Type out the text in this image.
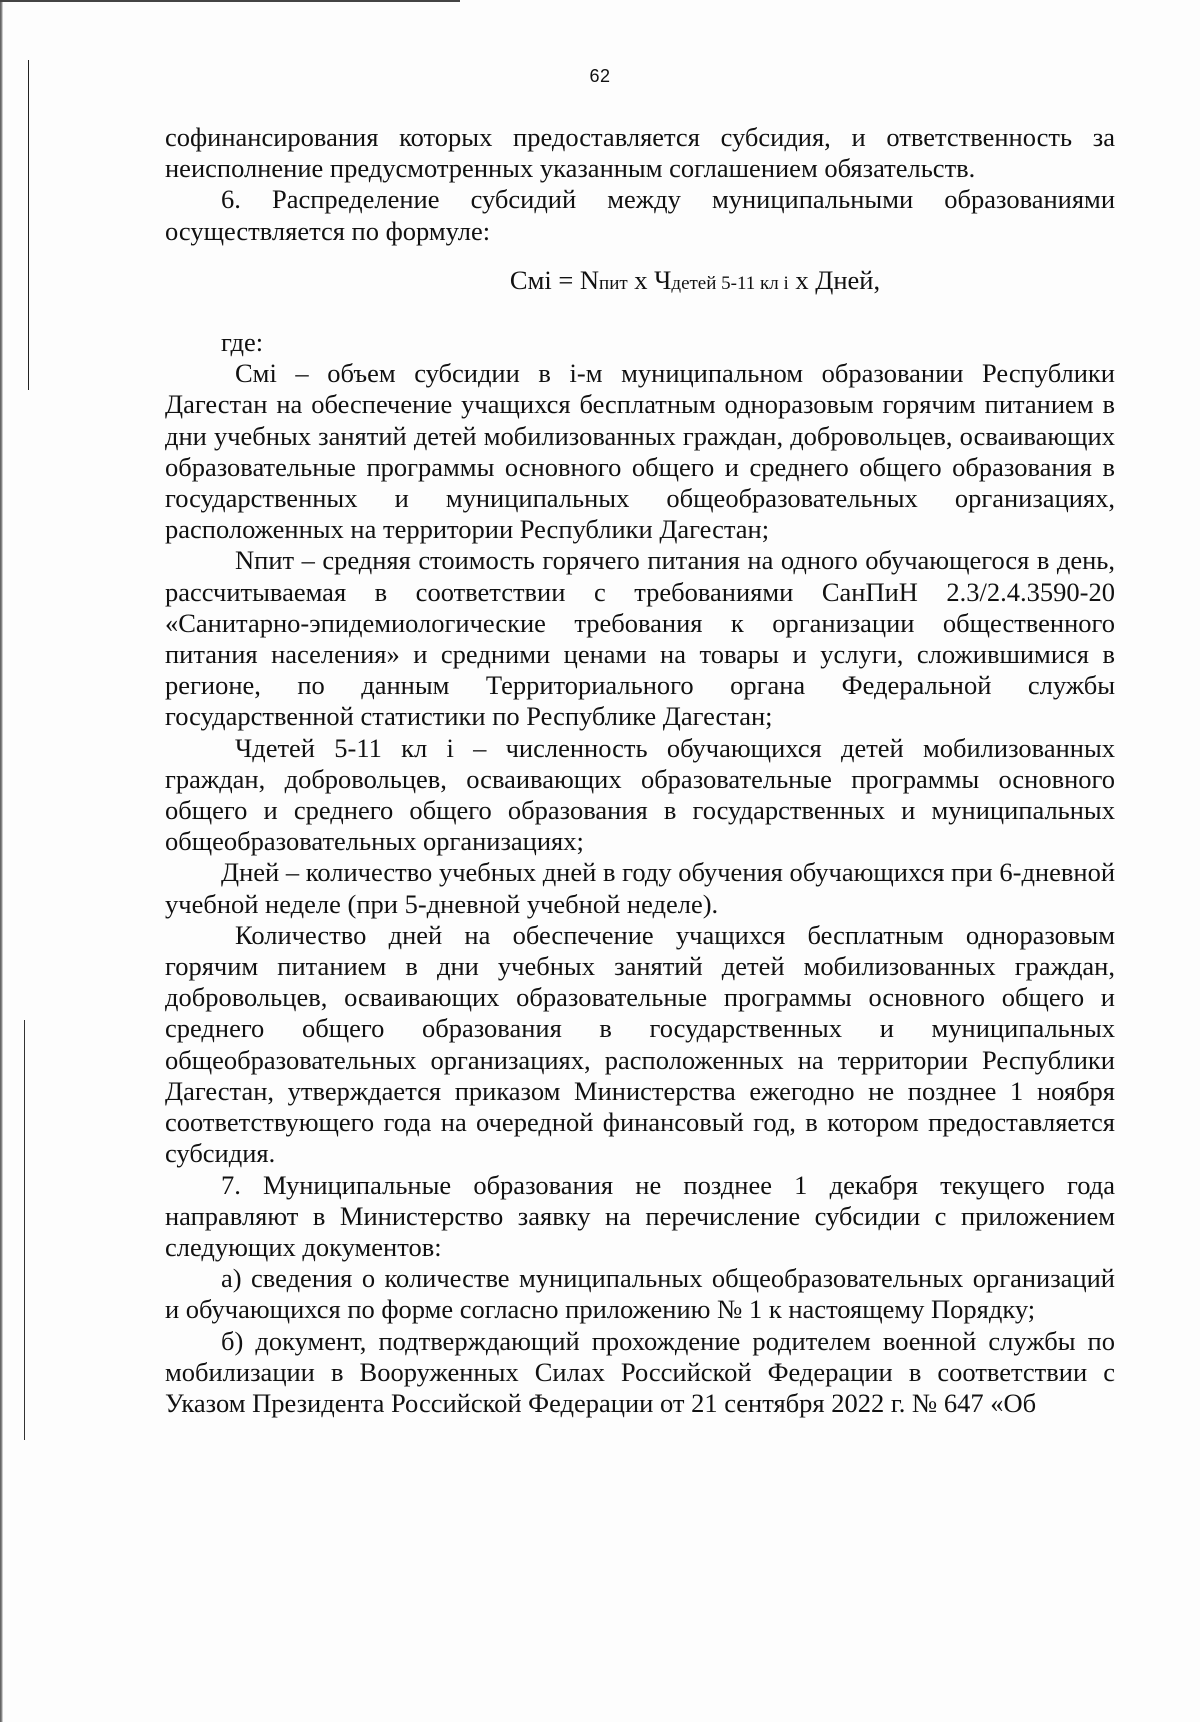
62

софинансирования которых предоставляется субсидия, и ответственность за неисполнение предусмотренных указанным соглашением обязательств.

6. Распределение субсидий между муниципальными образованиями осуществляется по формуле:

Cмi = Nпит х Чдетей 5-11 кл i х Дней,

где:

Cмi – объем субсидии в i-м муниципальном образовании Республики Дагестан на обеспечение учащихся бесплатным одноразовым горячим питанием в дни учебных занятий детей мобилизованных граждан, добровольцев, осваивающих образовательные программы основного общего и среднего общего образования в государственных и муниципальных общеобразовательных организациях, расположенных на территории Республики Дагестан;

Nпит – средняя стоимость горячего питания на одного обучающегося в день, рассчитываемая в соответствии с требованиями СанПиН 2.3/2.4.3590-20 «Санитарно-эпидемиологические требования к организации общественного питания населения» и средними ценами на товары и услуги, сложившимися в регионе, по данным Территориального органа Федеральной службы государственной статистики по Республике Дагестан;

Чдетей 5-11 кл i – численность обучающихся детей мобилизованных граждан, добровольцев, осваивающих образовательные программы основного общего и среднего общего образования в государственных и муниципальных общеобразовательных организациях;

Дней – количество учебных дней в году обучения обучающихся при 6-дневной учебной неделе (при 5-дневной учебной неделе).

Количество дней на обеспечение учащихся бесплатным одноразовым горячим питанием в дни учебных занятий детей мобилизованных граждан, добровольцев, осваивающих образовательные программы основного общего и среднего общего образования в государственных и муниципальных общеобразовательных организациях, расположенных на территории Республики Дагестан, утверждается приказом Министерства ежегодно не позднее 1 ноября соответствующего года на очередной финансовый год, в котором предоставляется субсидия.

7. Муниципальные образования не позднее 1 декабря текущего года направляют в Министерство заявку на перечисление субсидии с приложением следующих документов:

а) сведения о количестве муниципальных общеобразовательных организаций и обучающихся по форме согласно приложению № 1 к настоящему Порядку;

б) документ, подтверждающий прохождение родителем военной службы по мобилизации в Вооруженных Силах Российской Федерации в соответствии с Указом Президента Российской Федерации от 21 сентября 2022 г. № 647 «Об
